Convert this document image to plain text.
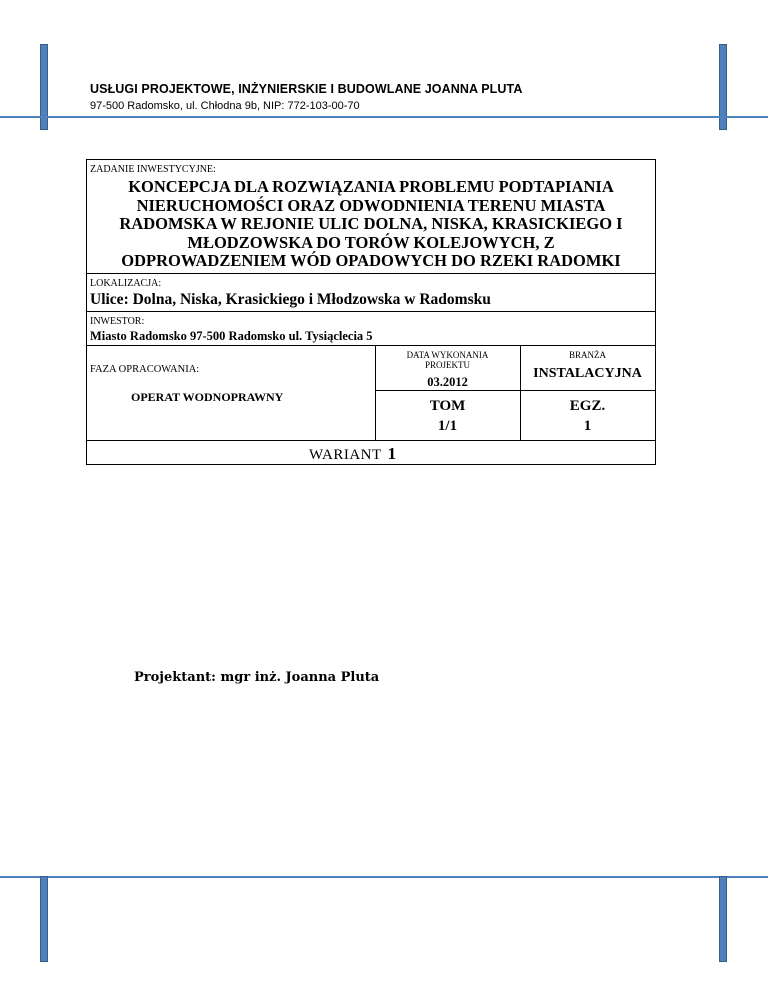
USŁUGI PROJEKTOWE, INŻYNIERSKIE I BUDOWLANE JOANNA PLUTA
97-500 Radomsko, ul. Chłodna 9b, NIP: 772-103-00-70
ZADANIE INWESTYCYJNE:
KONCEPCJA DLA ROZWIĄZANIA PROBLEMU PODTAPIANIA
NIERUCHOMOŚCI ORAZ ODWODNIENIA TERENU MIASTA
RADOMSKA W REJONIE ULIC DOLNA, NISKA, KRASICKIEGO I
MŁODZOWSKA DO TORÓW KOLEJOWYCH, Z
ODPROWADZENIEM WÓD OPADOWYCH DO RZEKI RADOMKI
LOKALIZACJA:
Ulice: Dolna, Niska, Krasickiego i Młodzowska w Radomsku
INWESTOR:
Miasto Radomsko 97-500 Radomsko ul. Tysiąclecia 5
FAZA OPRACOWANIA:
OPERAT WODNOPRAWNY
DATA WYKONANIA
PROJEKTU
03.2012
BRANŻA
INSTALACYJNA
TOM
1/1
EGZ.
1
WARIANT 1
Projektant: mgr inż. Joanna Pluta
